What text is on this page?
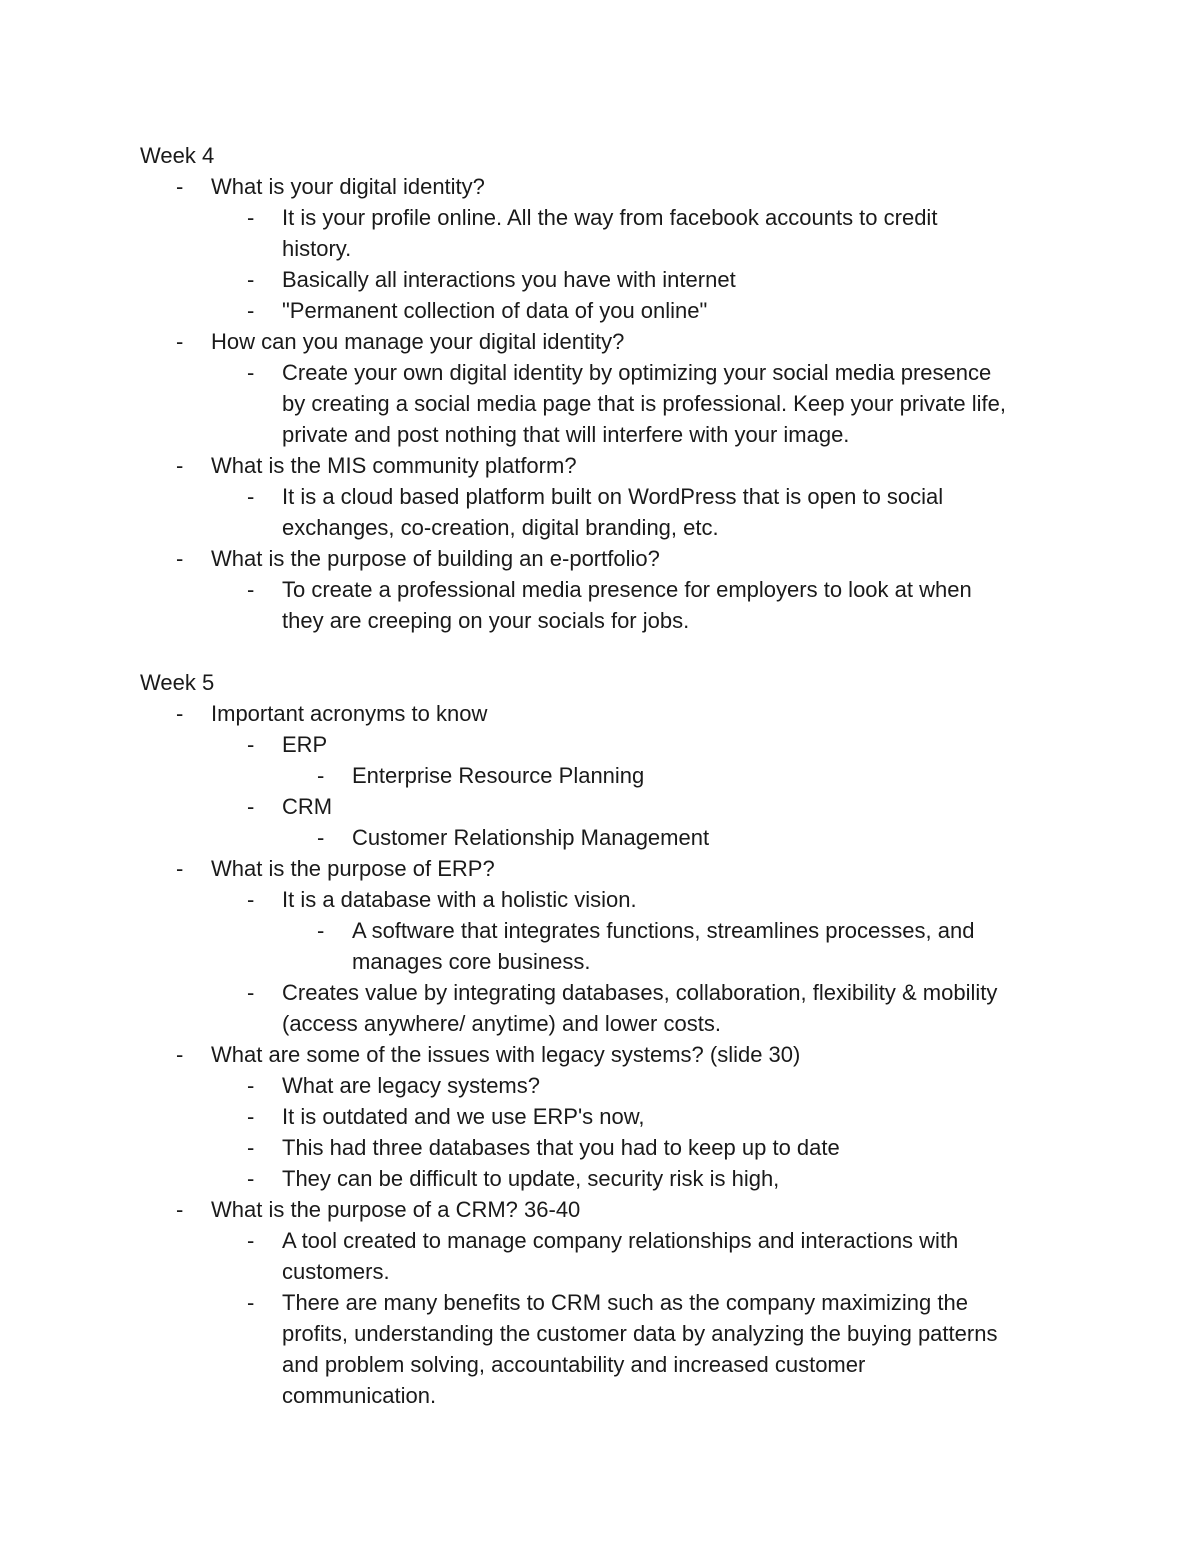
Week 4
- What is your digital identity?
- It is your profile online. All the way from facebook accounts to credit
history.
- Basically all interactions you have with internet
- "Permanent collection of data of you online"
- How can you manage your digital identity?
- Create your own digital identity by optimizing your social media presence
by creating a social media page that is professional. Keep your private life,
private and post nothing that will interfere with your image.
- What is the MIS community platform?
- It is a cloud based platform built on WordPress that is open to social
exchanges, co-creation, digital branding, etc.
- What is the purpose of building an e-portfolio?
- To create a professional media presence for employers to look at when
they are creeping on your socials for jobs.
Week 5
- Important acronyms to know
- ERP
- Enterprise Resource Planning
- CRM
- Customer Relationship Management
- What is the purpose of ERP?
- It is a database with a holistic vision.
- A software that integrates functions, streamlines processes, and
manages core business.
- Creates value by integrating databases, collaboration, flexibility & mobility
(access anywhere/ anytime) and lower costs.
- What are some of the issues with legacy systems? (slide 30)
- What are legacy systems?
- It is outdated and we use ERP's now,
- This had three databases that you had to keep up to date
- They can be difficult to update, security risk is high,
- What is the purpose of a CRM? 36-40
- A tool created to manage company relationships and interactions with
customers.
- There are many benefits to CRM such as the company maximizing the
profits, understanding the customer data by analyzing the buying patterns
and problem solving, accountability and increased customer
communication.
